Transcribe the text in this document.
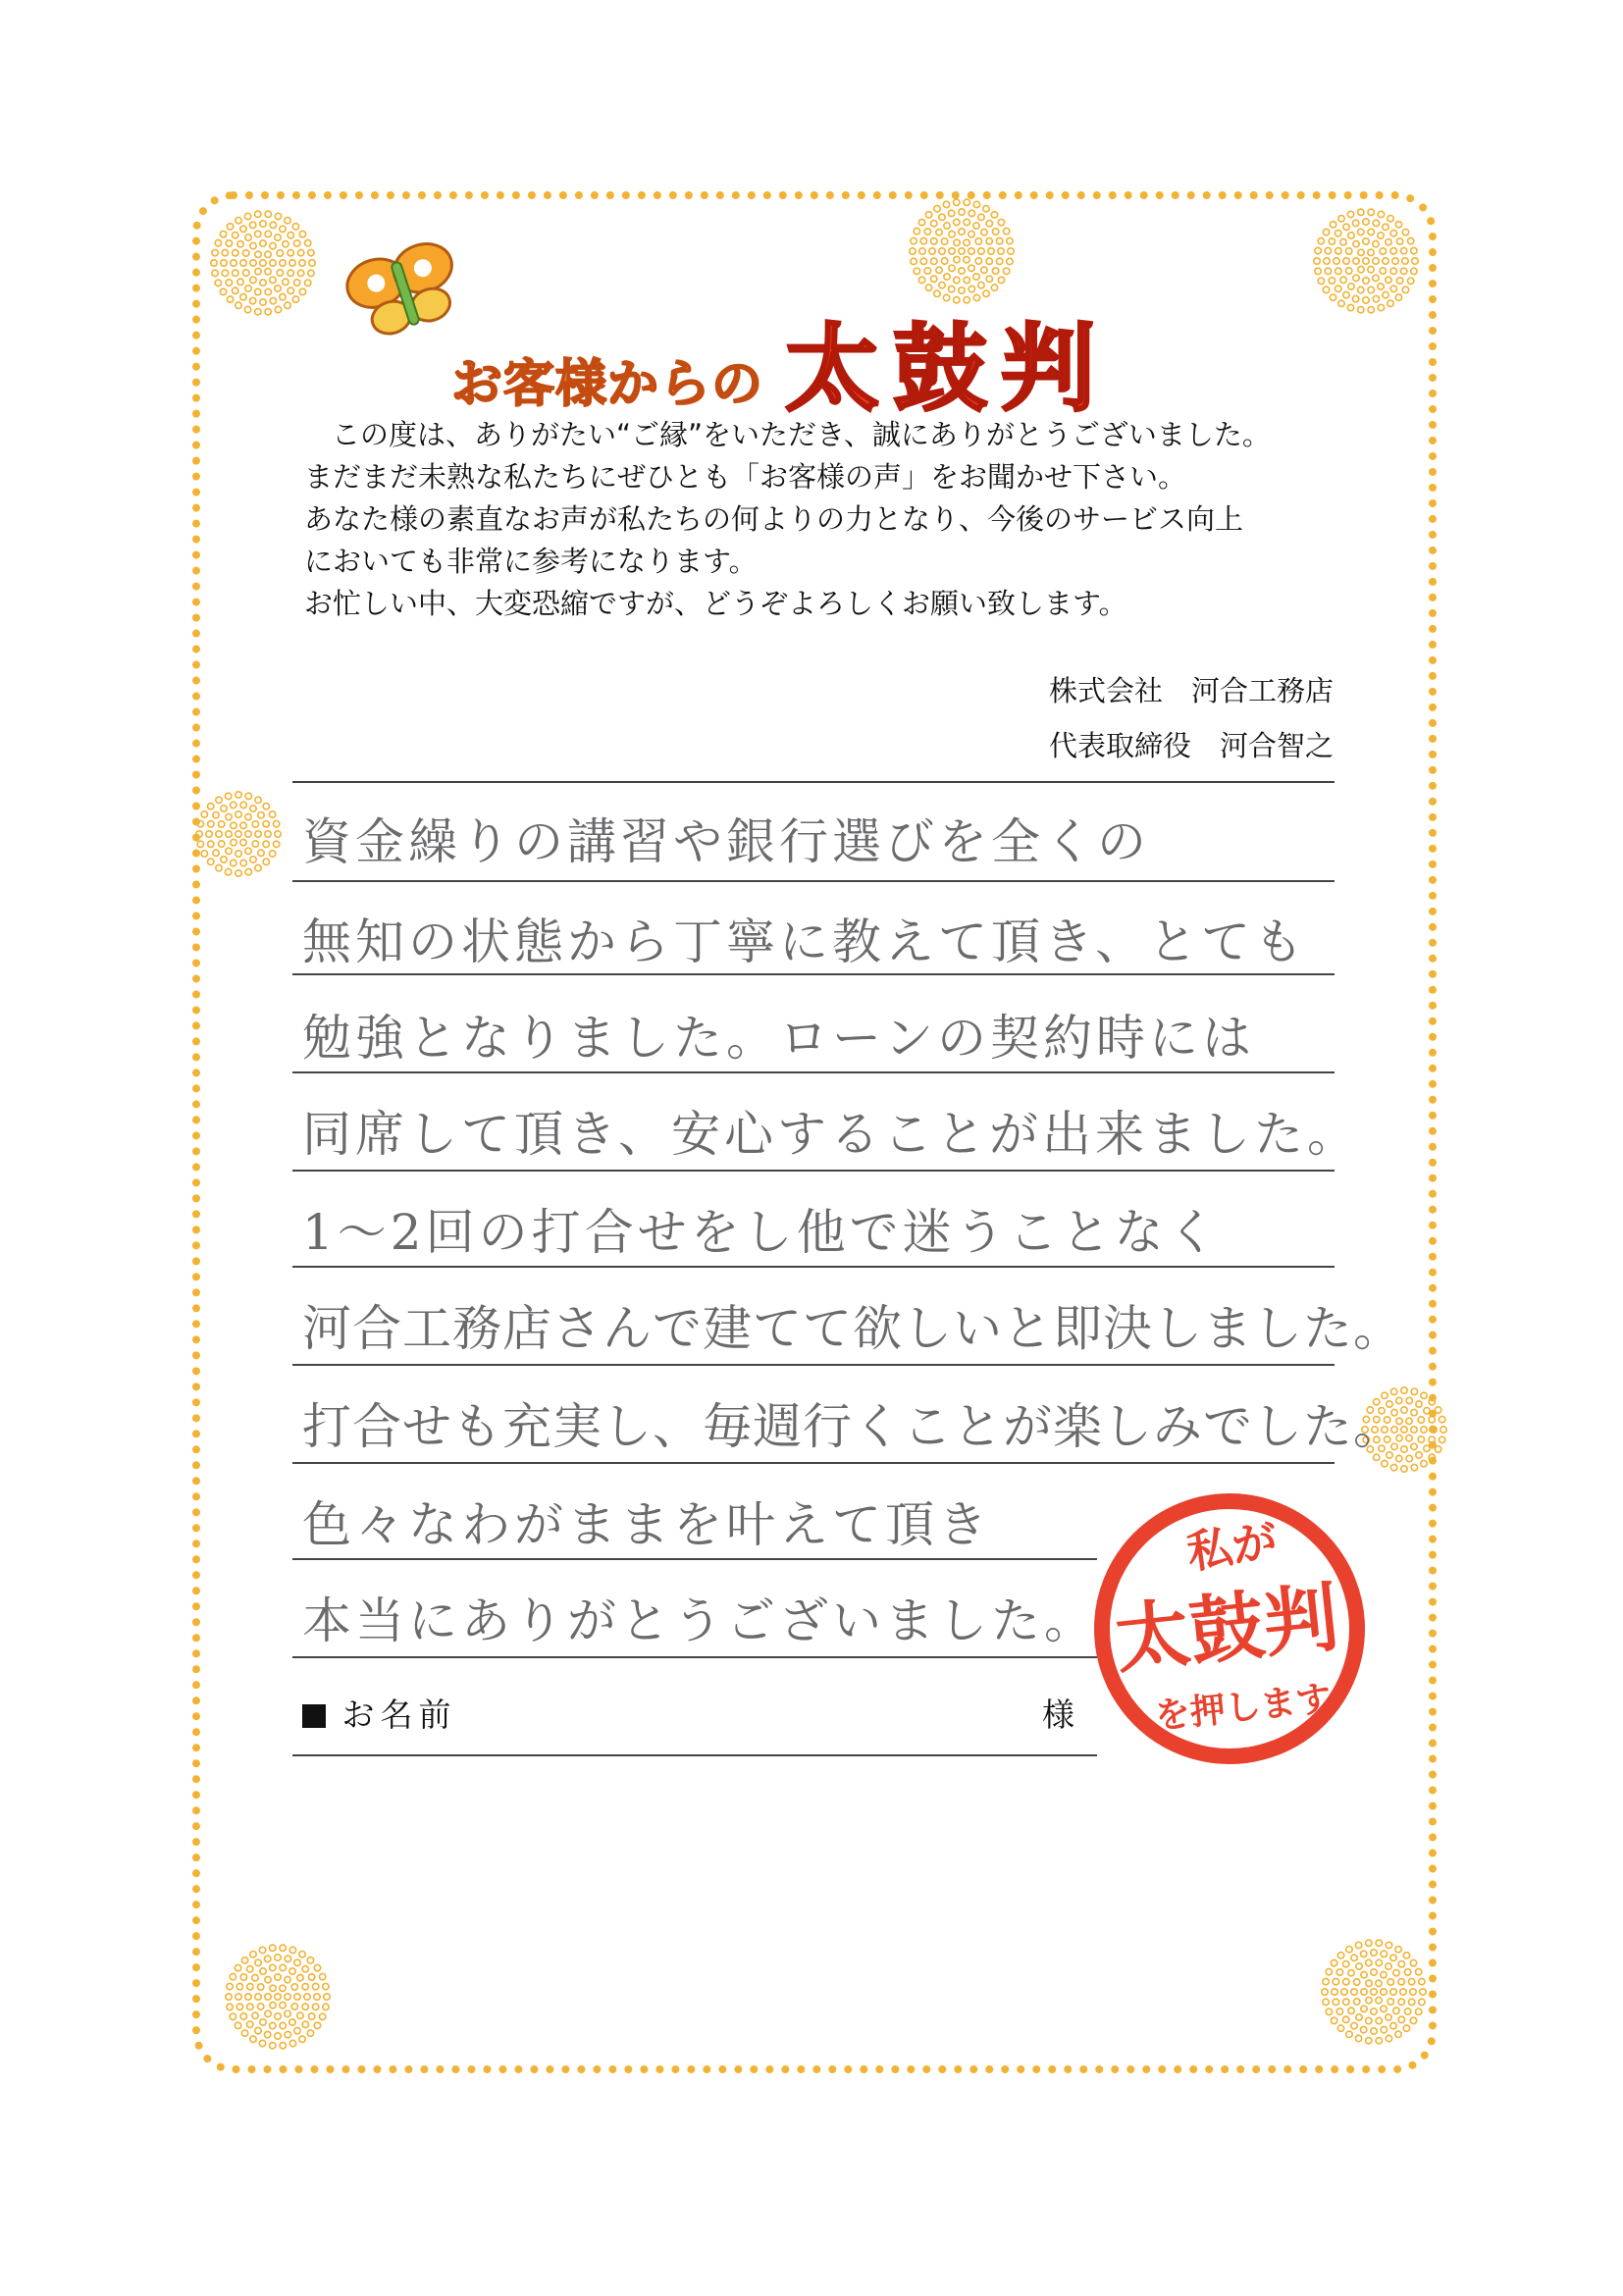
お客様からの 太鼓判
この度は、ありがたい“ご縁”をいただき、誠にありがとうございました。
まだまだ未熟な私たちにぜひとも「お客様の声」をお聞かせ下さい。
あなた様の素直なお声が私たちの何よりの力となり、今後のサービス向上
においても非常に参考になります。
お忙しい中、大変恐縮ですが、どうぞよろしくお願い致します。
株式会社　河合工務店
代表取締役　河合智之
資金繰りの講習や銀行選びを全くの
無知の状態から丁寧に教えて頂き、とても
勉強となりました。ローンの契約時には
同席して頂き、安心することが出来ました。
1〜2回の打合せをし他で迷うことなく
河合工務店さんで建てて欲しいと即決しました。
打合せも充実し、毎週行くことが楽しみでした。
色々なわがままを叶えて頂き
本当にありがとうございました。
お名前	様
私が
太鼓判
を押します
